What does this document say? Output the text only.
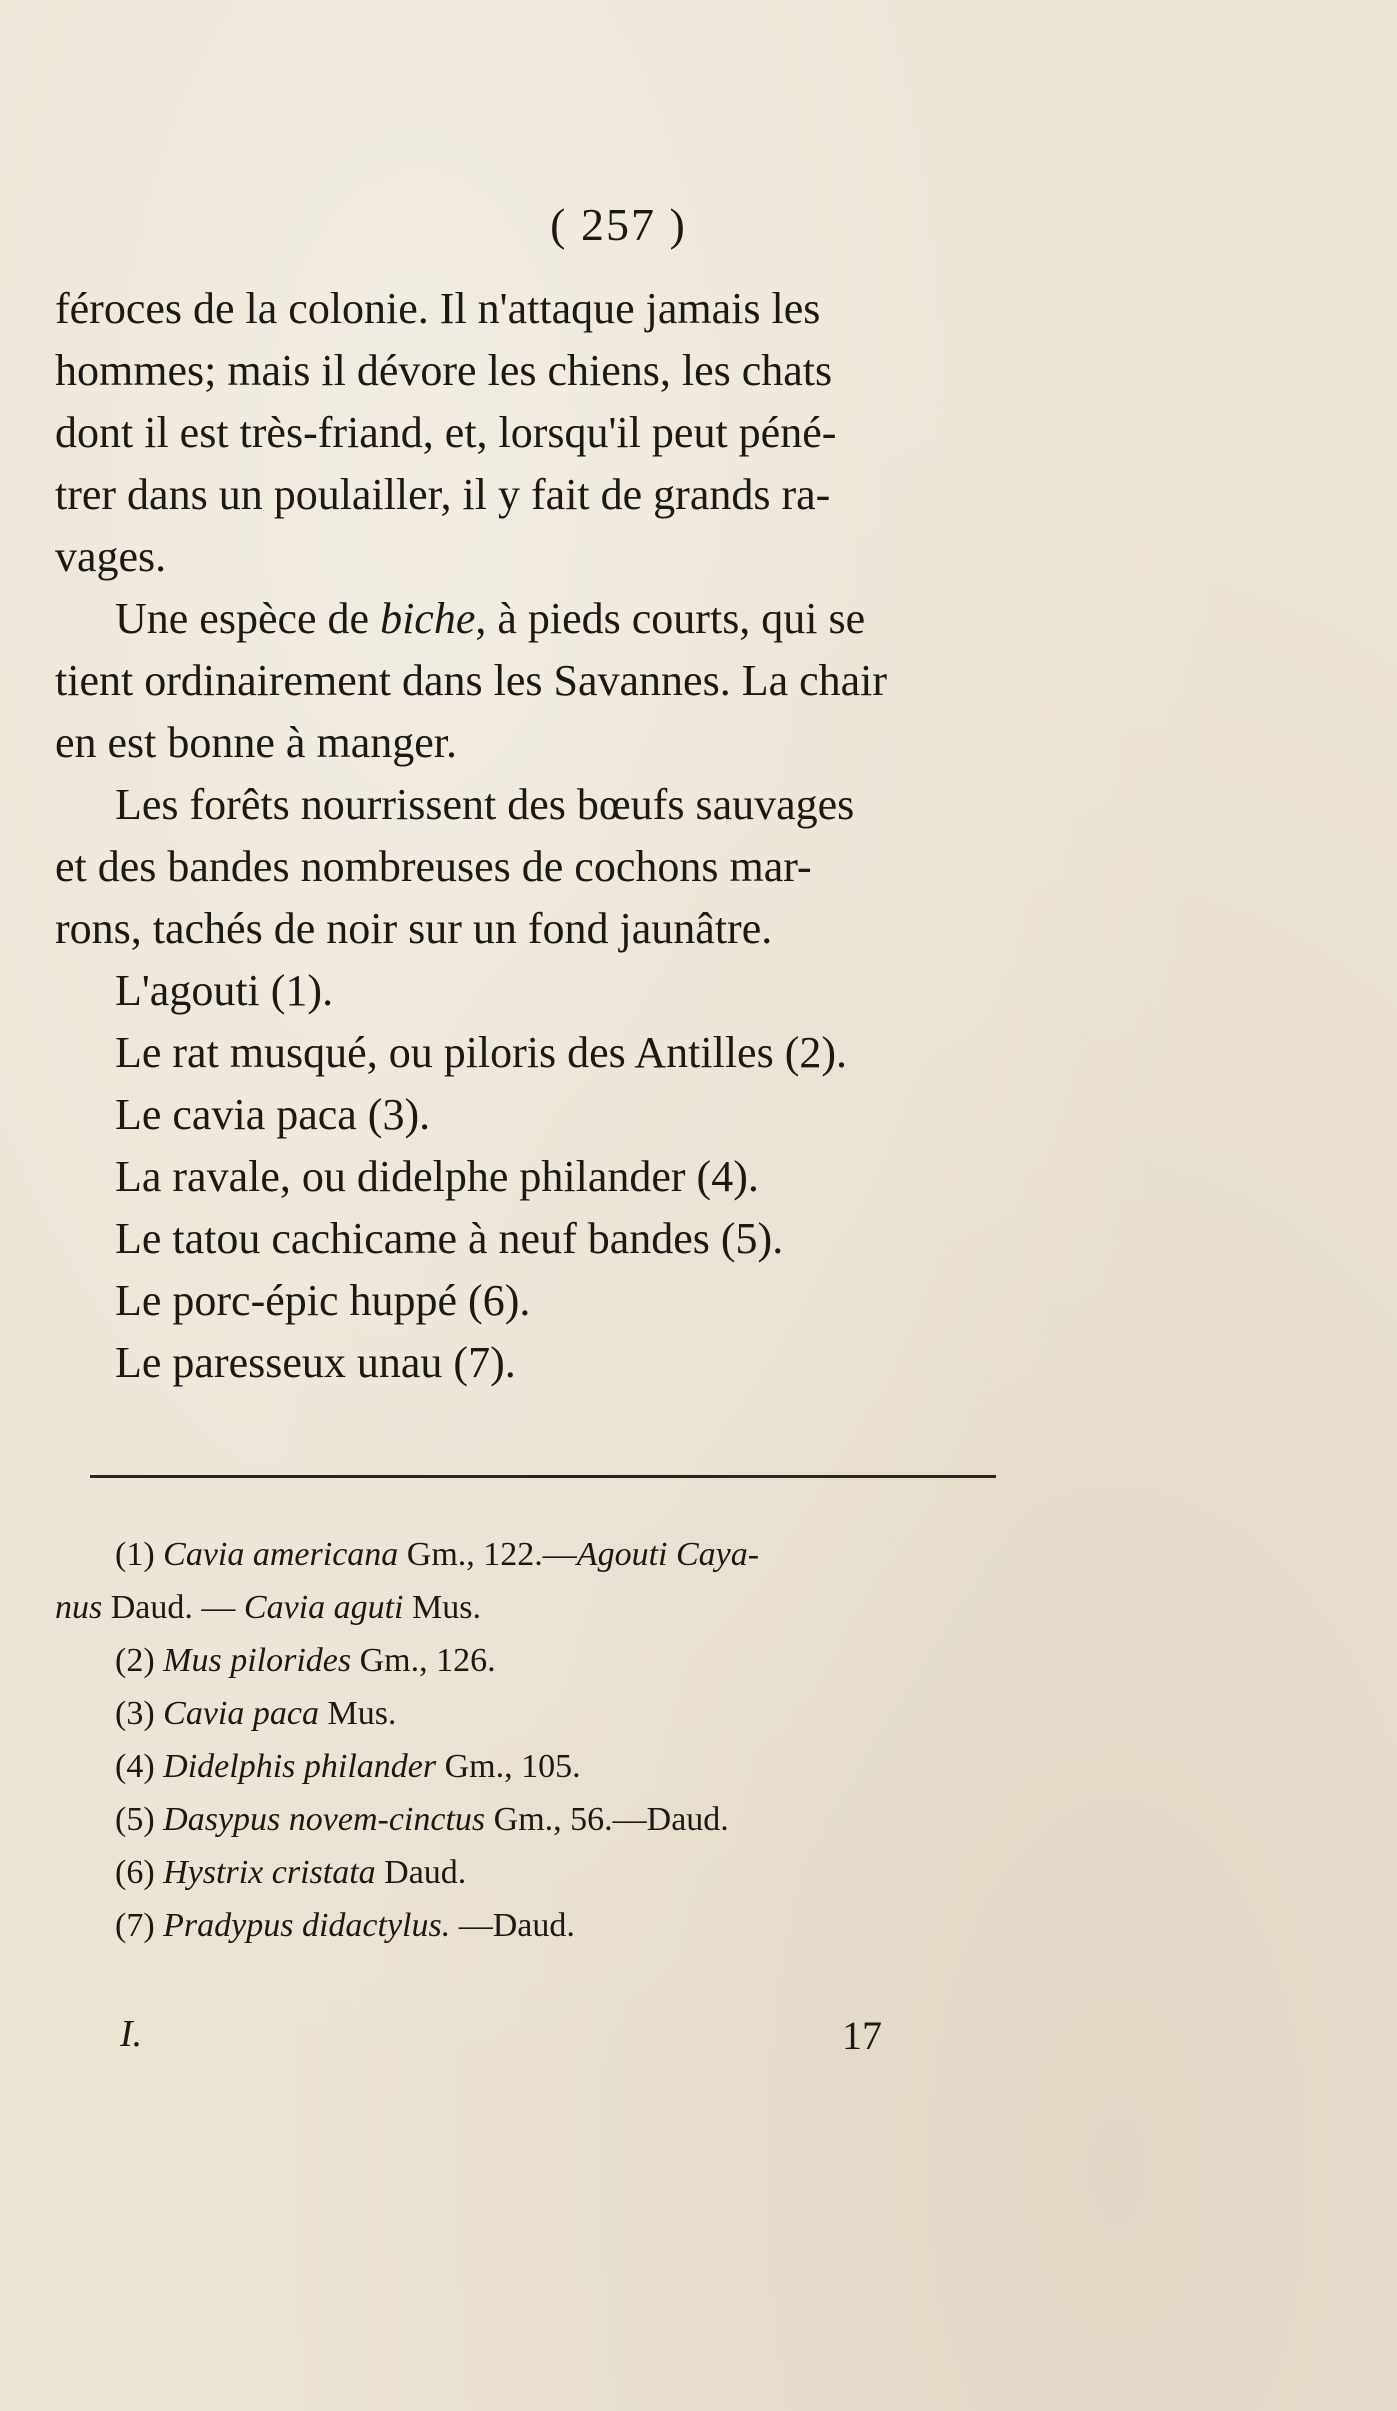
( 257 )

féroces de la colonie. Il n'attaque jamais les
hommes; mais il dévore les chiens, les chats
dont il est très-friand, et, lorsqu'il peut péné-
trer dans un poulailler, il y fait de grands ra-
vages.

Une espèce de biche, à pieds courts, qui se
tient ordinairement dans les Savannes. La chair
en est bonne à manger.

Les forêts nourrissent des bœufs sauvages
et des bandes nombreuses de cochons mar-
rons, tachés de noir sur un fond jaunâtre.

L'agouti (1).
Le rat musqué, ou piloris des Antilles (2).
Le cavia paca (3).
La ravale, ou didelphe philander (4).
Le tatou cachicame à neuf bandes (5).
Le porc-épic huppé (6).
Le paresseux unau (7).
(1) Cavia americana Gm., 122.—Agouti Caya-
nus Daud. — Cavia aguti Mus.
(2) Mus pilorides Gm., 126.
(3) Cavia paca Mus.
(4) Didelphis philander Gm., 105.
(5) Dasypus novem-cinctus Gm., 56.—Daud.
(6) Hystrix cristata Daud.
(7) Pradypus didactylus. —Daud.
I.	17
